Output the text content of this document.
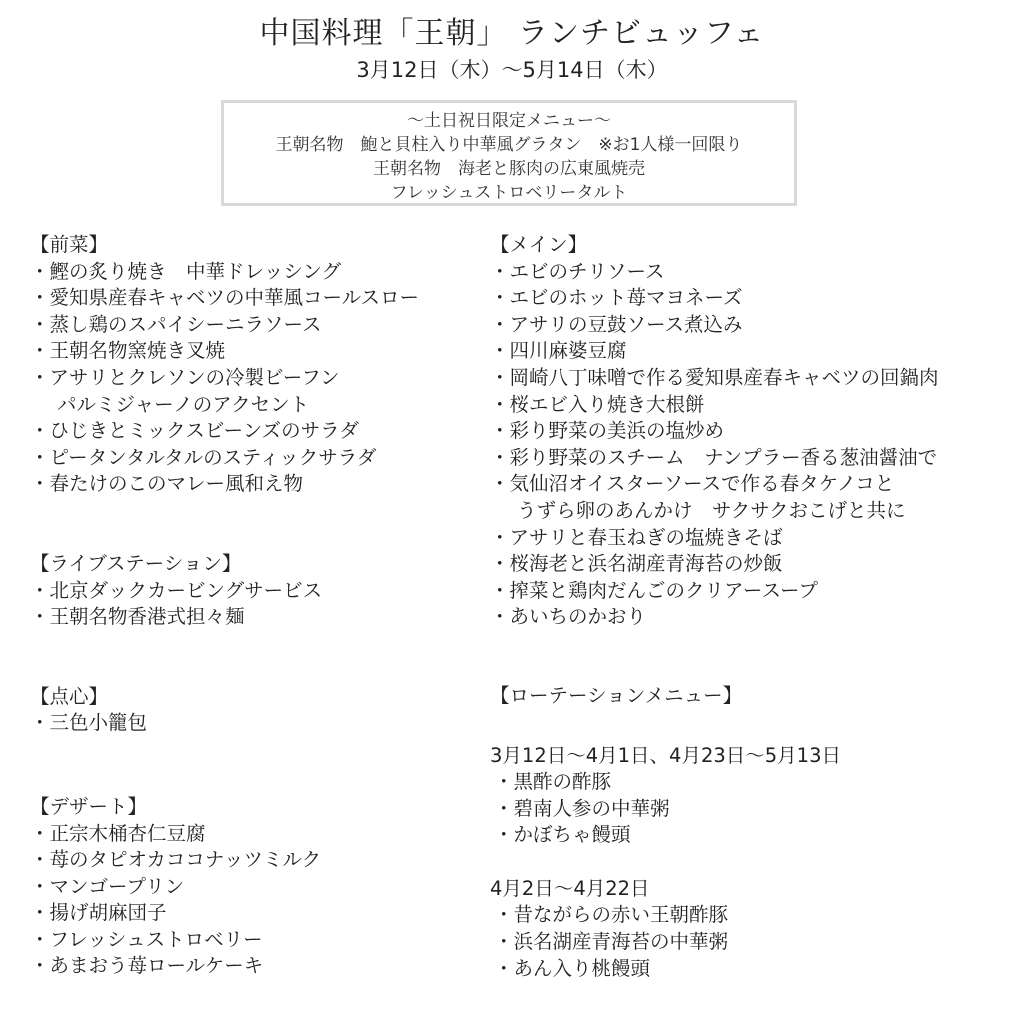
中国料理「王朝」 ランチビュッフェ
3月12日（木）～5月14日（木）
～土日祝日限定メニュー～
王朝名物　鮑と貝柱入り中華風グラタン　※お1人様一回限り
王朝名物　海老と豚肉の広東風焼売
フレッシュストロベリータルト

【前菜】

・ 鰹の炙り焼き　中華ドレッシング

・ 愛知県産春キャベツの中華風コールスロー

・ 蒸し鶏のスパイシーニラソース

・ 王朝名物窯焼き叉焼

・ アサリとクレソンの冷製ビーフン

パルミジャーノのアクセント

・ ひじきとミックスビーンズのサラダ

・ ピータンタルタルのスティックサラダ

・ 春たけのこのマレー風和え物

【ライブステーション】

・ 北京ダックカービングサービス

・ 王朝名物香港式担々麺

【点心】

・ 三色小籠包

【デザート】

・ 正宗木桶杏仁豆腐

・ 苺のタピオカココナッツミルク

・ マンゴープリン

・ 揚げ胡麻団子

・ フレッシュストロベリー

・ あまおう苺ロールケーキ

【メイン】

・ エビのチリソース

・ エビのホット苺マヨネーズ

・ アサリの豆鼓ソース煮込み

・ 四川麻婆豆腐

・ 岡崎八丁味噌で作る愛知県産春キャベツの回鍋肉

・ 桜エビ入り焼き大根餅

・ 彩り野菜の美浜の塩炒め

・ 彩り野菜のスチーム　ナンプラー香る葱油醤油で

・ 気仙沼オイスターソースで作る春タケノコと

うずら卵のあんかけ　サクサクおこげと共に

・ アサリと春玉ねぎの塩焼きそば

・ 桜海老と浜名湖産青海苔の炒飯

・ 搾菜と鶏肉だんごのクリアースープ

・ あいちのかおり

【ローテーションメニュー】

3月12日～4月1日、4月23日～5月13日

・ 黒酢の酢豚

・ 碧南人参の中華粥

・ かぼちゃ饅頭

4月2日～4月22日

・ 昔ながらの赤い王朝酢豚

・ 浜名湖産青海苔の中華粥

・ あん入り桃饅頭
